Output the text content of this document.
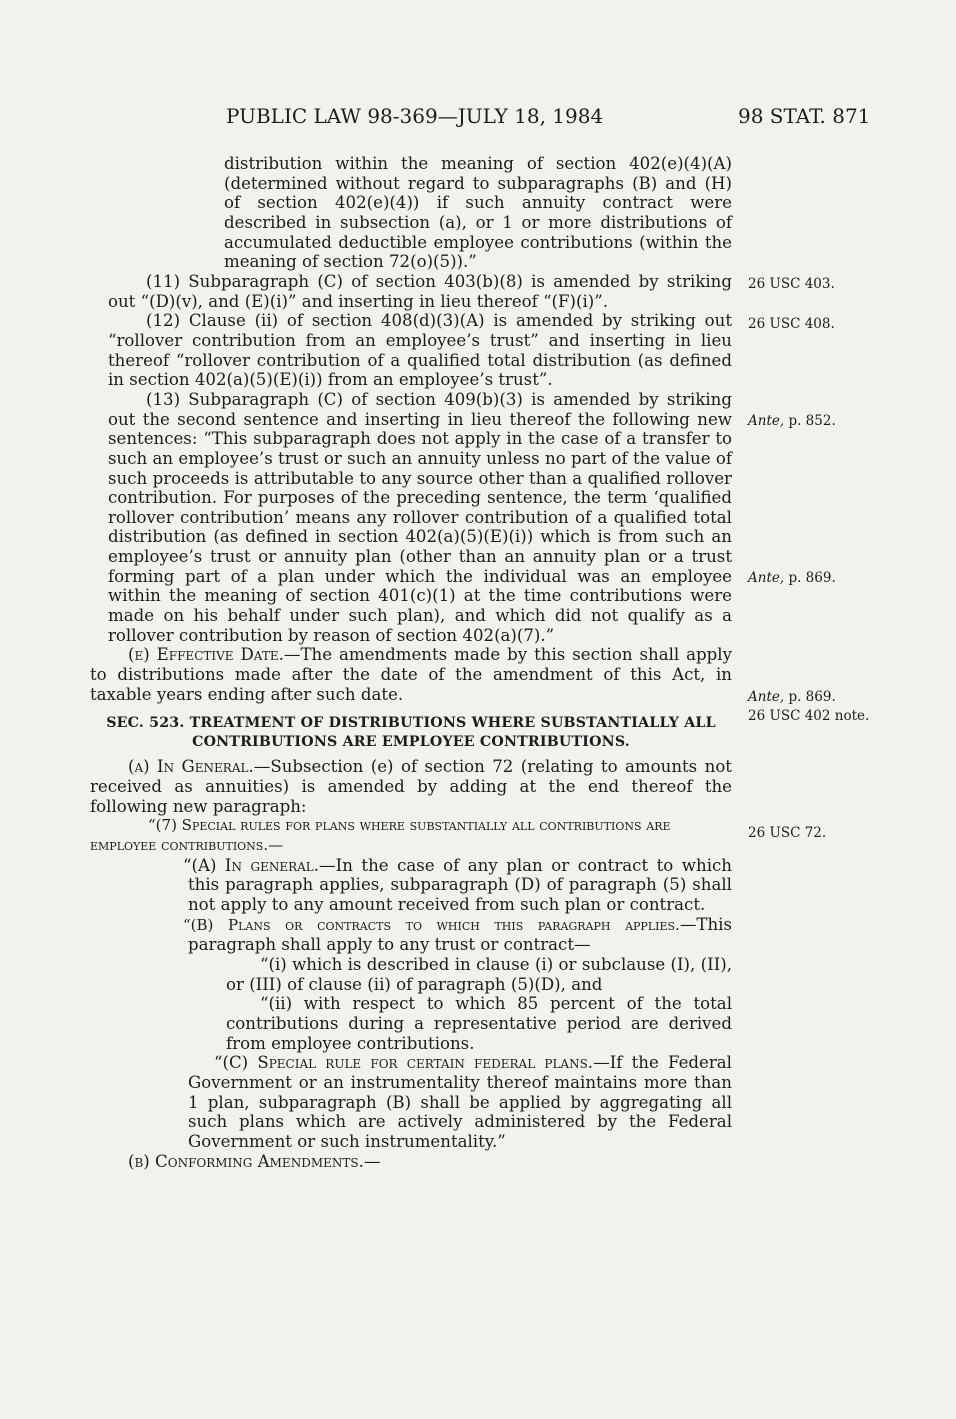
PUBLIC LAW 98-369—JULY 18, 1984	98 STAT. 871

distribution within the meaning of section 402(e)(4)(A) (determined without regard to subparagraphs (B) and (H) of section 402(e)(4)) if such annuity contract were described in subsection (a), or 1 or more distributions of accumulated deductible employee contributions (within the meaning of section 72(o)(5)).”

(11) Subparagraph (C) of section 403(b)(8) is amended by striking out “(D)(v), and (E)(i)” and inserting in lieu thereof “(F)(i)”.

(12) Clause (ii) of section 408(d)(3)(A) is amended by striking out “rollover contribution from an employee’s trust” and inserting in lieu thereof “rollover contribution of a qualified total distribution (as defined in section 402(a)(5)(E)(i)) from an employee’s trust”.

(13) Subparagraph (C) of section 409(b)(3) is amended by striking out the second sentence and inserting in lieu thereof the following new sentences: “This subparagraph does not apply in the case of a transfer to such an employee’s trust or such an annuity unless no part of the value of such proceeds is attributable to any source other than a qualified rollover contribution. For purposes of the preceding sentence, the term ‘qualified rollover contribution’ means any rollover contribution of a qualified total distribution (as defined in section 402(a)(5)(E)(i)) which is from such an employee’s trust or annuity plan (other than an annuity plan or a trust forming part of a plan under which the individual was an employee within the meaning of section 401(c)(1) at the time contributions were made on his behalf under such plan), and which did not qualify as a rollover contribution by reason of section 402(a)(7).”

(e) Effective Date.—The amendments made by this section shall apply to distributions made after the date of the amendment of this Act, in taxable years ending after such date.

SEC. 523. TREATMENT OF DISTRIBUTIONS WHERE SUBSTANTIALLY ALL CONTRIBUTIONS ARE EMPLOYEE CONTRIBUTIONS.

(a) In General.—Subsection (e) of section 72 (relating to amounts not received as annuities) is amended by adding at the end thereof the following new paragraph:

“(7) Special rules for plans where substantially all contributions are employee contributions.—

“(A) In general.—In the case of any plan or contract to which this paragraph applies, subparagraph (D) of paragraph (5) shall not apply to any amount received from such plan or contract.

“(B) Plans or contracts to which this paragraph applies.—This paragraph shall apply to any trust or contract—

“(i) which is described in clause (i) or subclause (I), (II), or (III) of clause (ii) of paragraph (5)(D), and

“(ii) with respect to which 85 percent of the total contributions during a representative period are derived from employee contributions.

“(C) Special rule for certain federal plans.—If the Federal Government or an instrumentality thereof maintains more than 1 plan, subparagraph (B) shall be applied by aggregating all such plans which are actively administered by the Federal Government or such instrumentality.”

(b) Conforming Amendments.—

26 USC 403.
26 USC 408.
Ante, p. 852.
Ante, p. 869.
Ante, p. 869.
26 USC 402 note.
26 USC 72.
